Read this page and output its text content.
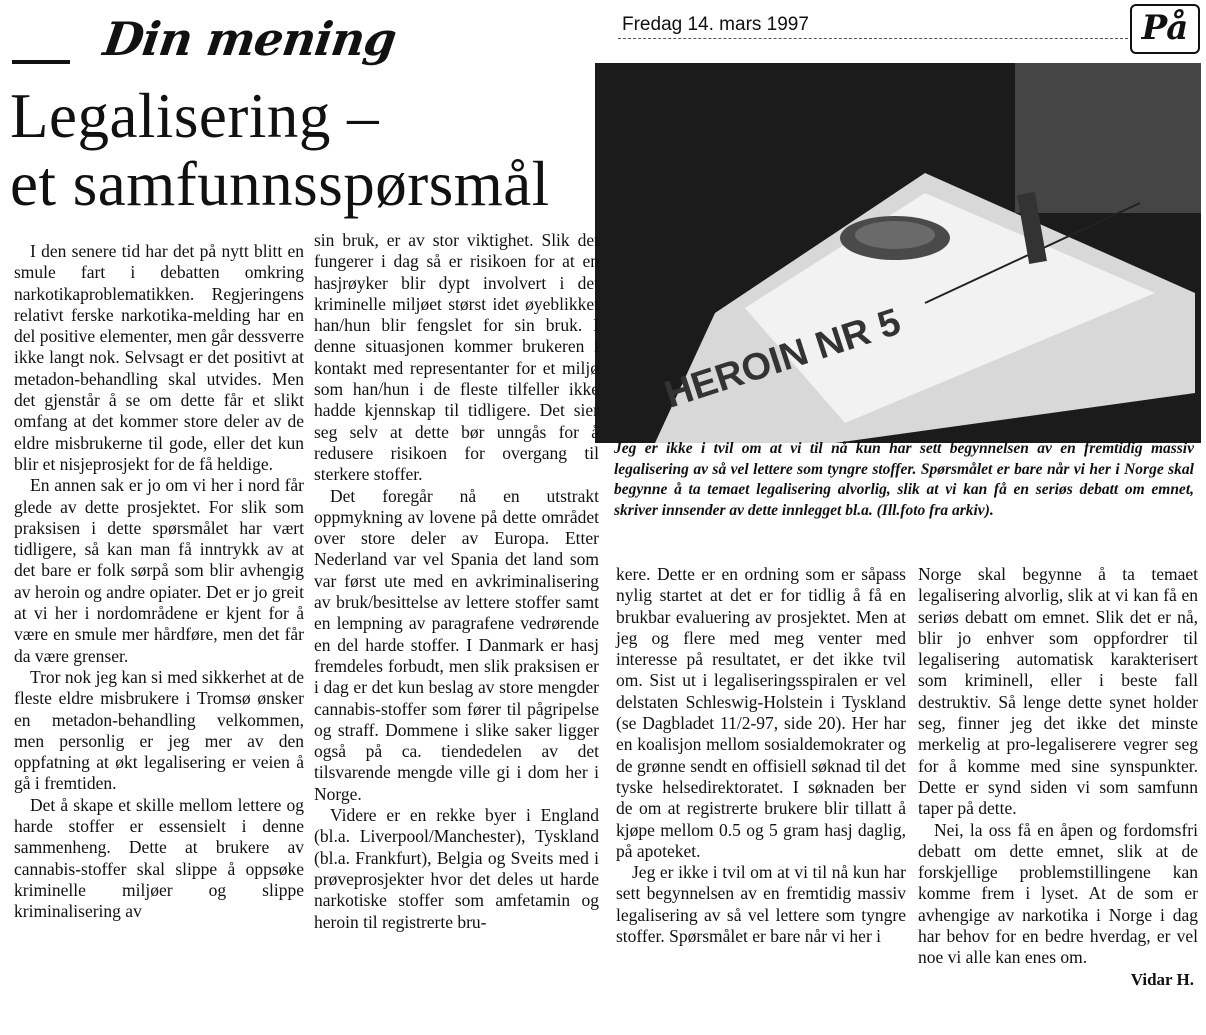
Din mening	Fredag 14. mars 1997	På
Legalisering –
et samfunnsspørsmål
HEROIN NR 5
Jeg er ikke i tvil om at vi til nå kun har sett begynnelsen av en fremtidig massiv legalisering av så vel lettere som tyngre stoffer. Spørsmålet er bare når vi her i Norge skal begynne å ta temaet legalisering alvorlig, slik at vi kan få en seriøs debatt om emnet, skriver innsender av dette innlegget bl.a. (Ill.foto fra arkiv).

I den senere tid har det på nytt blitt en smule fart i debatten omkring narkotikaproblematikken. Regjeringens relativt ferske narkotika-melding har en del positive elementer, men går dessverre ikke langt nok. Selvsagt er det positivt at metadon-behandling skal utvides. Men det gjenstår å se om dette får et slikt omfang at det kommer store deler av de eldre misbrukerne til gode, eller det kun blir et nisjeprosjekt for de få heldige.

En annen sak er jo om vi her i nord får glede av dette prosjektet. For slik som praksisen i dette spørsmålet har vært tidligere, så kan man få inntrykk av at det bare er folk sørpå som blir avhengig av heroin og andre opiater. Det er jo greit at vi her i nordområdene er kjent for å være en smule mer hårdføre, men det får da være grenser.

Tror nok jeg kan si med sikkerhet at de fleste eldre misbrukere i Tromsø ønsker en metadon-behandling velkommen, men personlig er jeg mer av den oppfatning at økt legalisering er veien å gå i fremtiden.

Det å skape et skille mellom lettere og harde stoffer er essensielt i denne sammenheng. Dette at brukere av cannabis-stoffer skal slippe å oppsøke kriminelle miljøer og slippe kriminalisering av

sin bruk, er av stor viktighet. Slik det fungerer i dag så er risikoen for at en hasjrøyker blir dypt involvert i det kriminelle miljøet størst idet øyeblikket han/hun blir fengslet for sin bruk. I denne situasjonen kommer brukeren i kontakt med representanter for et miljø som han/hun i de fleste tilfeller ikke hadde kjennskap til tidligere. Det sier seg selv at dette bør unngås for å redusere risikoen for overgang til sterkere stoffer.

Det foregår nå en utstrakt oppmykning av lovene på dette området over store deler av Europa. Etter Nederland var vel Spania det land som var først ute med en avkriminalisering av bruk/besittelse av lettere stoffer samt en lempning av paragrafene vedrørende en del harde stoffer. I Danmark er hasj fremdeles forbudt, men slik praksisen er i dag er det kun beslag av store mengder cannabis-stoffer som fører til pågripelse og straff. Dommene i slike saker ligger også på ca. tiendedelen av det tilsvarende mengde ville gi i dom her i Norge.

Videre er en rekke byer i England (bl.a. Liverpool/Manchester), Tyskland (bl.a. Frankfurt), Belgia og Sveits med i prøveprosjekter hvor det deles ut harde narkotiske stoffer som amfetamin og heroin til registrerte bru-

kere. Dette er en ordning som er såpass nylig startet at det er for tidlig å få en brukbar evaluering av prosjektet. Men at jeg og flere med meg venter med interesse på resultatet, er det ikke tvil om. Sist ut i legaliseringsspiralen er vel delstaten Schleswig-Holstein i Tyskland (se Dagbladet 11/2-97, side 20). Her har en koalisjon mellom sosialdemokrater og de grønne sendt en offisiell søknad til det tyske helsedirektoratet. I søknaden ber de om at registrerte brukere blir tillatt å kjøpe mellom 0.5 og 5 gram hasj daglig, på apoteket.

Jeg er ikke i tvil om at vi til nå kun har sett begynnelsen av en fremtidig massiv legalisering av så vel lettere som tyngre stoffer. Spørsmålet er bare når vi her i

Norge skal begynne å ta temaet legalisering alvorlig, slik at vi kan få en seriøs debatt om emnet. Slik det er nå, blir jo enhver som oppfordrer til legalisering automatisk karakterisert som kriminell, eller i beste fall destruktiv. Så lenge dette synet holder seg, finner jeg det ikke det minste merkelig at pro-legaliserere vegrer seg for å komme med sine synspunkter. Dette er synd siden vi som samfunn taper på dette.

Nei, la oss få en åpen og fordomsfri debatt om dette emnet, slik at de forskjellige problemstillingene kan komme frem i lyset. At de som er avhengige av narkotika i Norge i dag har behov for en bedre hverdag, er vel noe vi alle kan enes om.

Vidar H.
